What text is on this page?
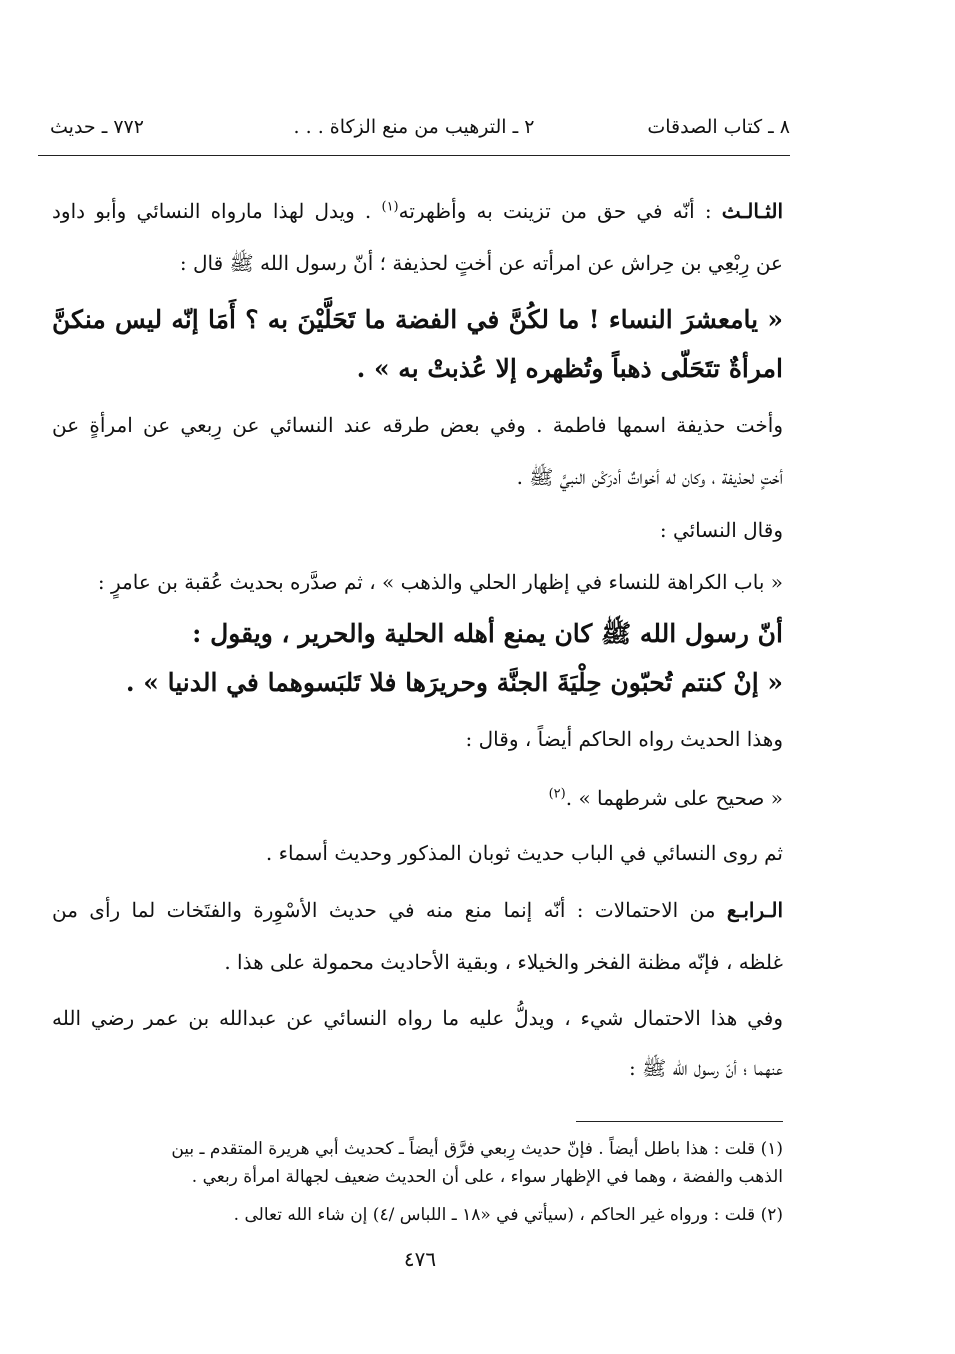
٨ ـ كتاب الصدقات
٢ ـ الترهيب من منع الزكاة . . .
٧٧٢ ـ حديث
الثـالـث : أنّه في حق من تزينت به وأظهرته$^{(١)}$ . ويدل لهذا مارواه النسائي وأبو داود
عن رِبْعِي بن حِراش عن امرأته عن أختٍ لحذيفة ؛ أنّ رسول الله ﷺ قال :
« يامعشرَ النساء ! ما لكُنَّ في الفضة ما تَحَلَّيْنَ به ؟ أَمَا إنّه ليس منكنَّ
امرأةٌ تتَحَلّى ذهباً وتُظهره إلا عُذبتْ به » .
وأخت حذيفة اسمها فاطمة . وفي بعض طرقه عند النسائي عن رِبعي عن امرأةٍ عن
أختٍ لحذيفة ، وكان له أخواتٌ أدرَكْن النبيَّ ﷺ .
وقال النسائي :
« باب الكراهة للنساء في إظهار الحلي والذهب » ، ثم صدَّره بحديث عُقبة بن عامرٍ :
أنّ رسول الله ﷺ كان يمنع أهله الحلية والحرير ، ويقول :
« إنْ كنتم تُحبّون حِلْيَةَ الجنَّة وحريرَها فلا تَلبَسوهما في الدنيا » .
وهذا الحديث رواه الحاكم أيضاً ، وقال :
« صحيح على شرطهما » .$^{(٢)}$
ثم روى النسائي في الباب حديث ثوبان المذكور وحديث أسماء .
الـرابـع من الاحتمالات : أنّه إنما منع منه في حديث الأسْوِرة والفتَخات لما رأى من
غلظه ، فإنّه مظنة الفخر والخيلاء ، وبقية الأحاديث محمولة على هذا .
وفي هذا الاحتمال شيء ، ويدلُّ عليه ما رواه النسائي عن عبدالله بن عمر رضي الله
عنهما ؛ أنّ رسول الله ﷺ :
(١) قلت : هذا باطل أيضاً . فإنّ حديث رِبعي فرَّق أيضاً ـ كحديث أبي هريرة المتقدم ـ بين
الذهب والفضة ، وهما في الإظهار سواء ، على أن الحديث ضعيف لجهالة امرأة ربعي .
(٢) قلت : ورواه غير الحاكم ، (سيأتي في «١٨ ـ اللباس /٤) إن شاء الله تعالى .
٤٧٦
